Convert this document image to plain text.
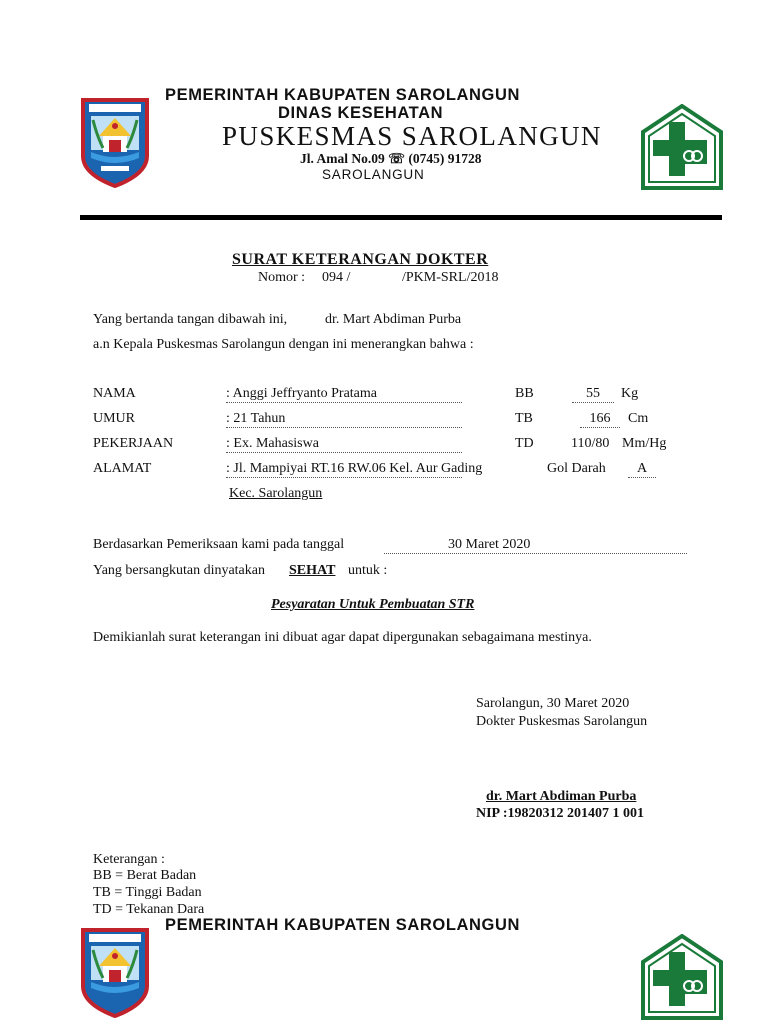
PEMERINTAH KABUPATEN SAROLANGUN
DINAS KESEHATAN
PUSKESMAS SAROLANGUN
Jl. Amal No.09 ☏ (0745) 91728
SAROLANGUN
SURAT KETERANGAN DOKTER
Nomor : 094 /	/PKM-SRL/2018
Yang bertanda tangan dibawah ini,	dr. Mart Abdiman Purba
a.n Kepala Puskesmas Sarolangun dengan ini menerangkan bahwa :
NAMA	: Anggi Jeffryanto Pratama	BB	55	Kg
UMUR	: 21 Tahun	TB	166	Cm
PEKERJAAN	: Ex. Mahasiswa	TD	110/80 Mm/Hg
ALAMAT	: Jl. Mampiyai RT.16 RW.06 Kel. Aur Gading	Gol Darah	A
Kec. Sarolangun
Berdasarkan Pemeriksaan kami pada tanggal	30 Maret 2020
Yang bersangkutan dinyatakan SEHAT untuk :
Pesyaratan Untuk Pembuatan STR
Demikianlah surat keterangan ini dibuat agar dapat dipergunakan sebagaimana mestinya.
Sarolangun, 30 Maret 2020
Dokter Puskesmas Sarolangun
dr. Mart Abdiman Purba
NIP :19820312 201407 1 001
Keterangan :
BB = Berat Badan
TB = Tinggi Badan
TD = Tekanan Dara
PEMERINTAH KABUPATEN SAROLANGUN
